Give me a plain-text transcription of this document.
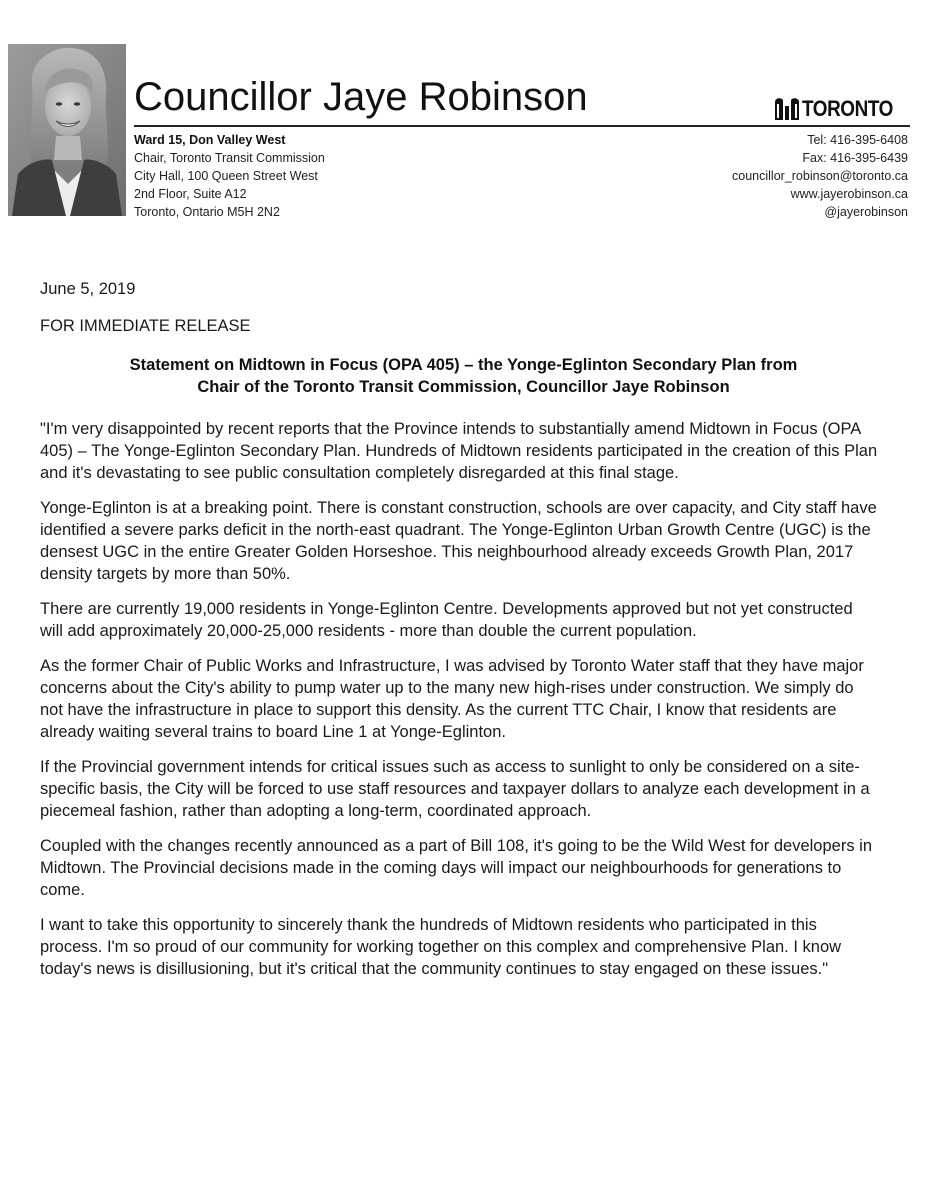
Councillor Jaye Robinson	TORONTO
Ward 15, Don Valley West
Chair, Toronto Transit Commission
City Hall, 100 Queen Street West
2nd Floor, Suite A12
Toronto, Ontario M5H 2N2
Tel: 416-395-6408
Fax: 416-395-6439
councillor_robinson@toronto.ca
www.jayerobinson.ca
@jayerobinson
June 5, 2019
FOR IMMEDIATE RELEASE
Statement on Midtown in Focus (OPA 405) – the Yonge-Eglinton Secondary Plan from
Chair of the Toronto Transit Commission, Councillor Jaye Robinson

"I'm very disappointed by recent reports that the Province intends to substantially amend Midtown in Focus (OPA 405) – The Yonge-Eglinton Secondary Plan. Hundreds of Midtown residents participated in the creation of this Plan and it's devastating to see public consultation completely disregarded at this final stage.

Yonge-Eglinton is at a breaking point. There is constant construction, schools are over capacity, and City staff have identified a severe parks deficit in the north-east quadrant. The Yonge-Eglinton Urban Growth Centre (UGC) is the densest UGC in the entire Greater Golden Horseshoe. This neighbourhood already exceeds Growth Plan, 2017 density targets by more than 50%.

There are currently 19,000 residents in Yonge-Eglinton Centre. Developments approved but not yet constructed will add approximately 20,000-25,000 residents - more than double the current population.

As the former Chair of Public Works and Infrastructure, I was advised by Toronto Water staff that they have major concerns about the City's ability to pump water up to the many new high-rises under construction. We simply do not have the infrastructure in place to support this density. As the current TTC Chair, I know that residents are already waiting several trains to board Line 1 at Yonge-Eglinton.

If the Provincial government intends for critical issues such as access to sunlight to only be considered on a site-specific basis, the City will be forced to use staff resources and taxpayer dollars to analyze each development in a piecemeal fashion, rather than adopting a long-term, coordinated approach.

Coupled with the changes recently announced as a part of Bill 108, it's going to be the Wild West for developers in Midtown. The Provincial decisions made in the coming days will impact our neighbourhoods for generations to come.

I want to take this opportunity to sincerely thank the hundreds of Midtown residents who participated in this process. I'm so proud of our community for working together on this complex and comprehensive Plan. I know today's news is disillusioning, but it's critical that the community continues to stay engaged on these issues."
